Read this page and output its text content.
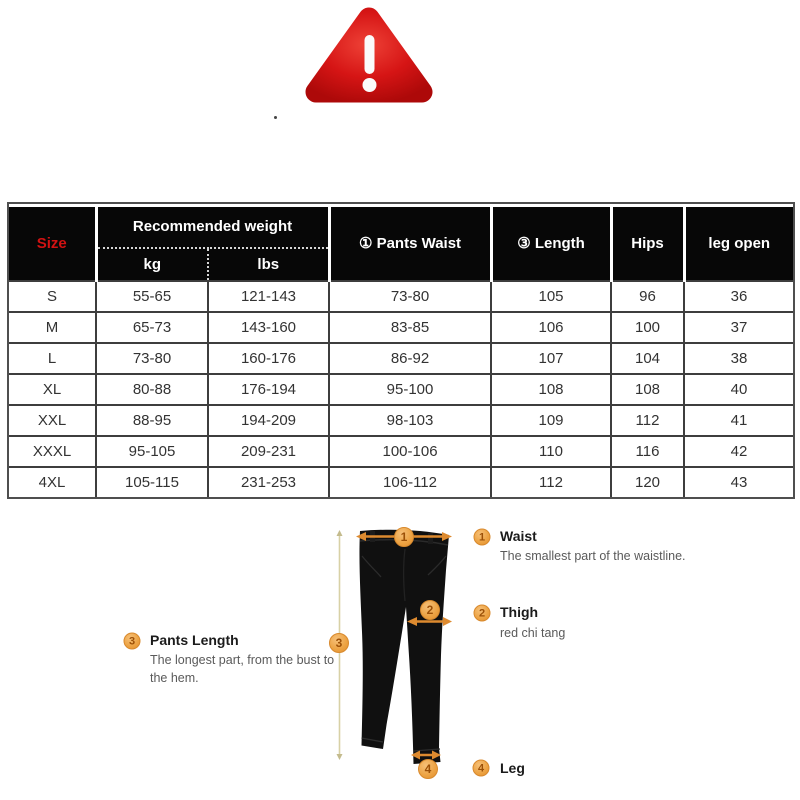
Size	Recommended weight		① Pants Waist	③ Length	Hips	leg open
	kg	lbs				
S	55-65	121-143	73-80	105	96	36
M	65-73	143-160	83-85	106	100	37
L	73-80	160-176	86-92	107	104	38
XL	80-88	176-194	95-100	108	108	40
XXL	88-95	194-209	98-103	109	112	41
XXXL	95-105	209-231	100-106	110	116	42
4XL	105-115	231-253	106-112	112	120	43
1
2
3
4
1	Waist
The smallest part of the waistline.
2	Thigh
red chi tang
3	Pants Length
The longest part, from the bust to the hem.
4	Leg
